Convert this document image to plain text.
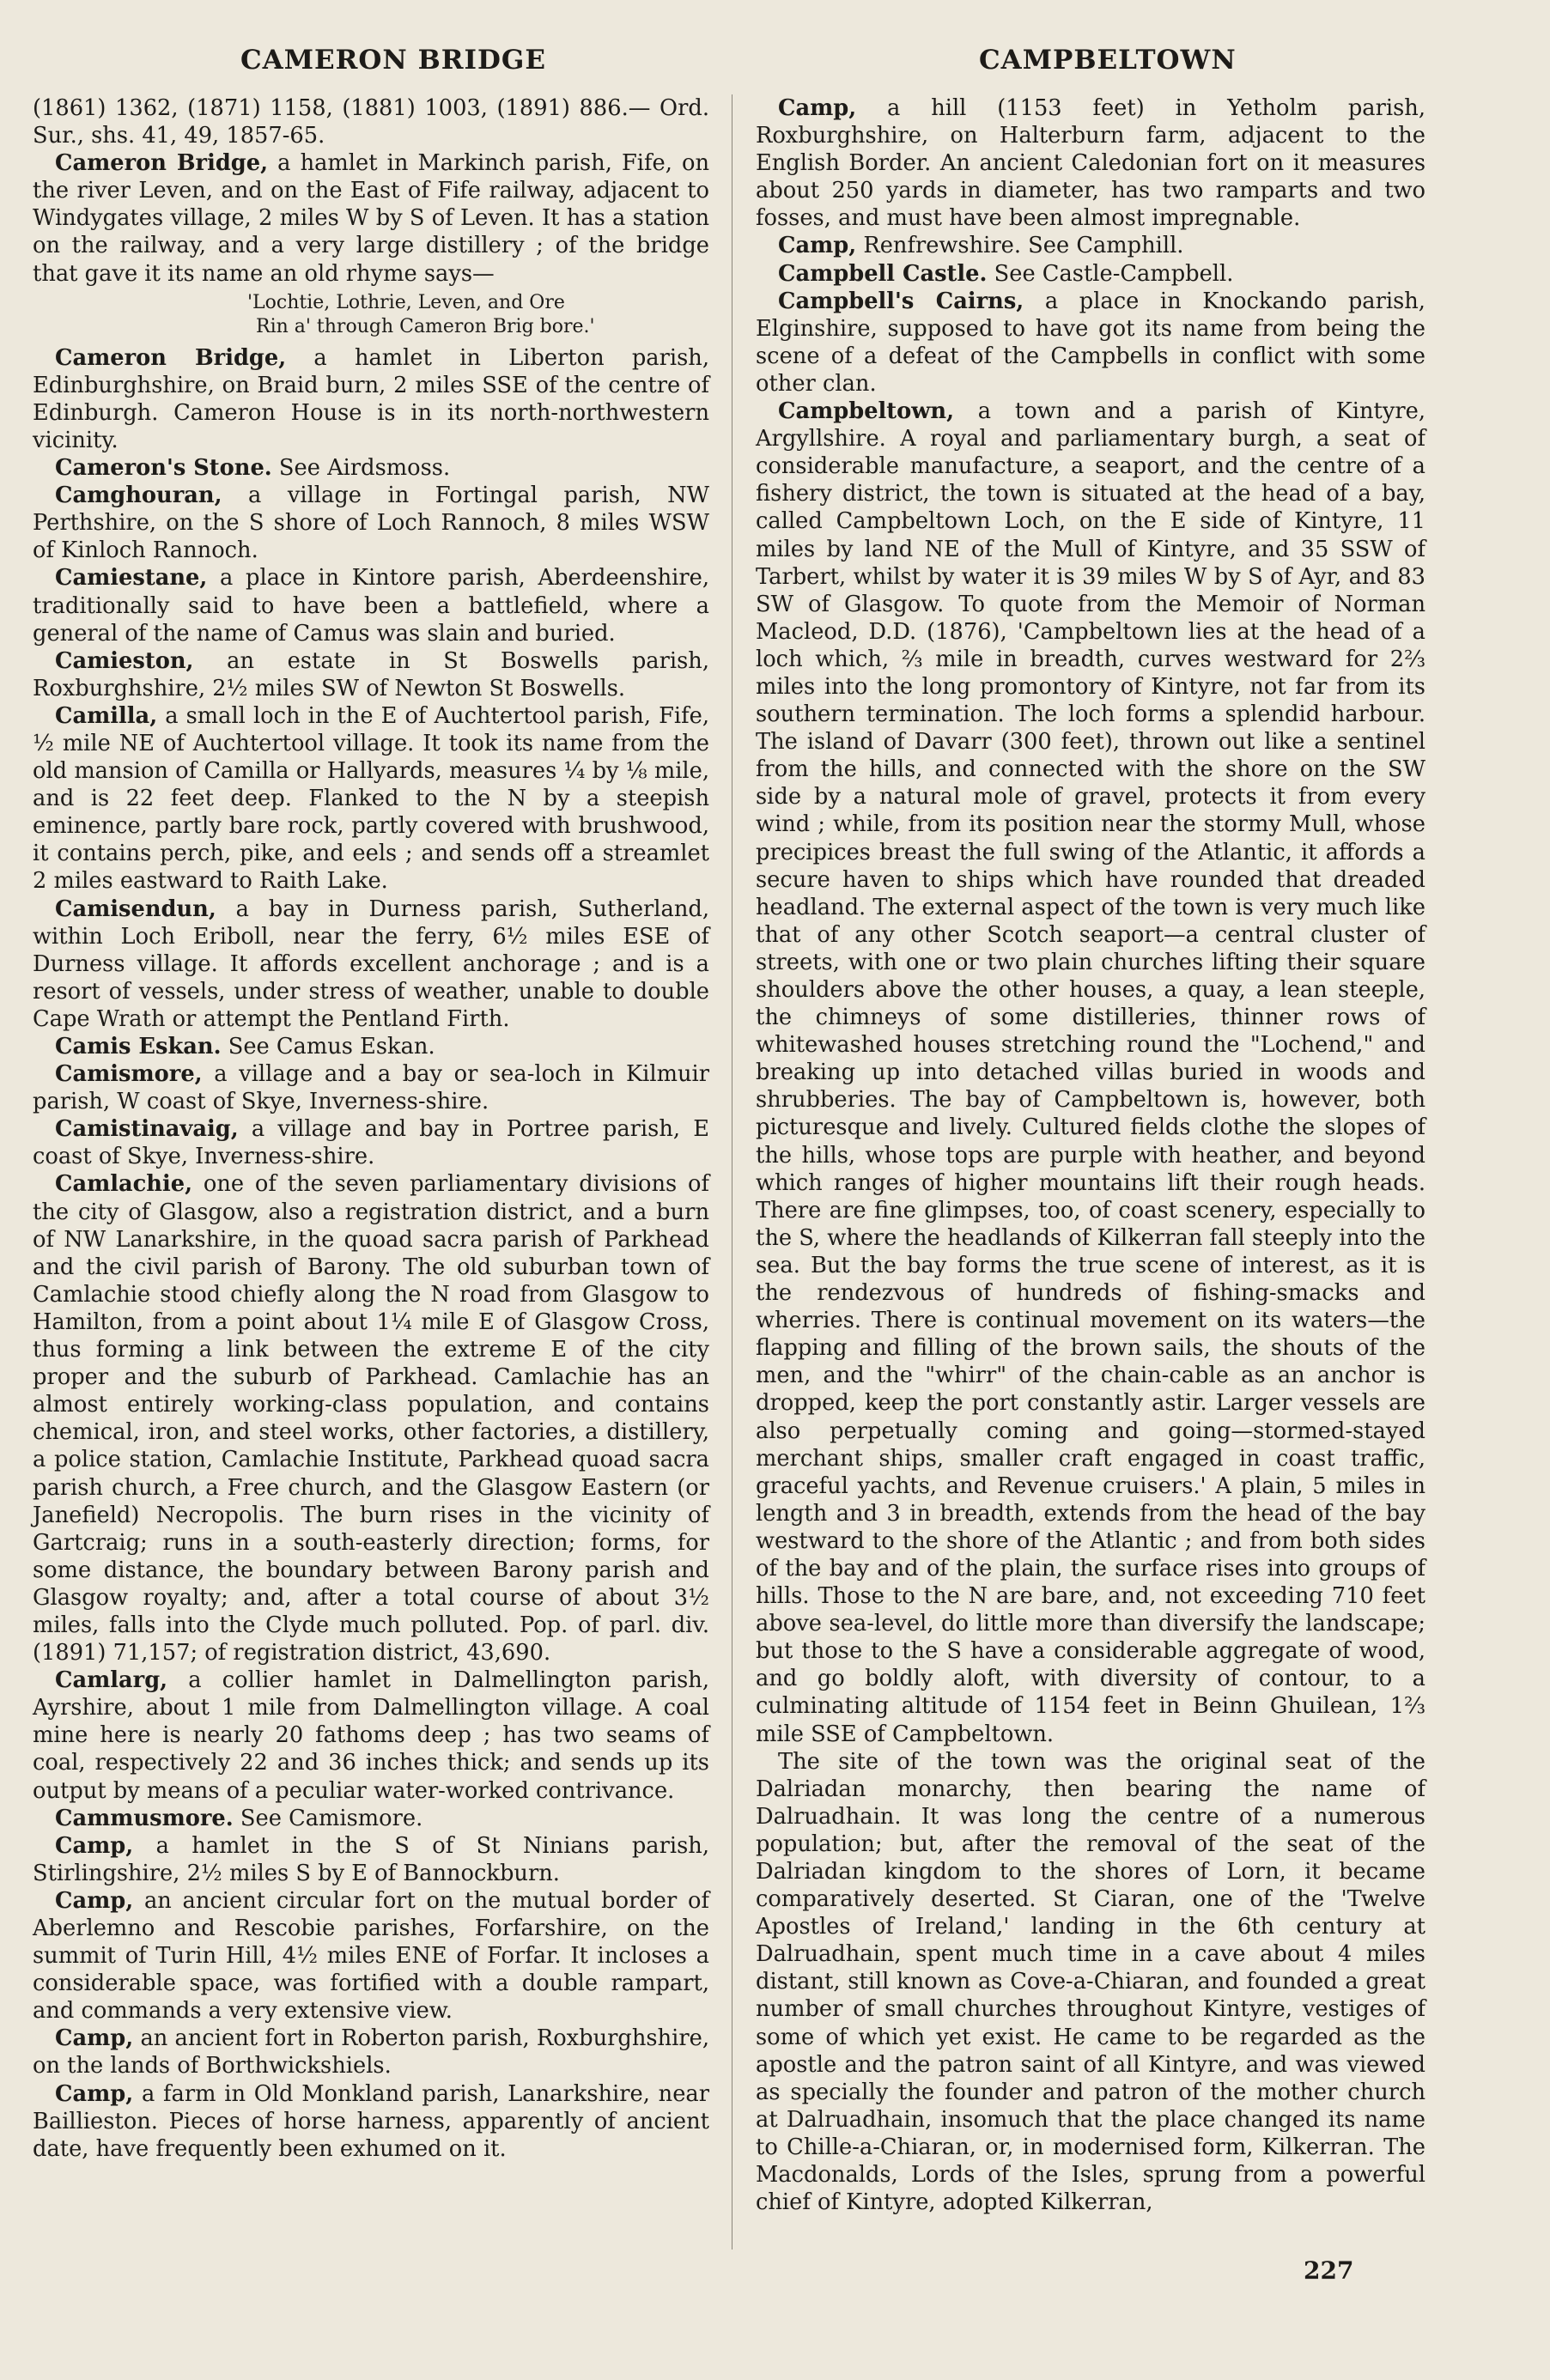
CAMERON BRIDGE	CAMPBELTOWN

(1861) 1362, (1871) 1158, (1881) 1003, (1891) 886.— Ord. Sur., shs. 41, 49, 1857-65.

Cameron Bridge, a hamlet in Markinch parish, Fife, on the river Leven, and on the East of Fife railway, adjacent to Windygates village, 2 miles W by S of Leven. It has a station on the railway, and a very large distillery ; of the bridge that gave it its name an old rhyme says—

'Lochtie, Lothrie, Leven, and Ore
Rin a' through Cameron Brig bore.'

Cameron Bridge, a hamlet in Liberton parish, Edinburghshire, on Braid burn, 2 miles SSE of the centre of Edinburgh. Cameron House is in its north-northwestern vicinity.

Cameron's Stone. See Airdsmoss.

Camghouran, a village in Fortingal parish, NW Perthshire, on the S shore of Loch Rannoch, 8 miles WSW of Kinloch Rannoch.

Camiestane, a place in Kintore parish, Aberdeenshire, traditionally said to have been a battlefield, where a general of the name of Camus was slain and buried.

Camieston, an estate in St Boswells parish, Roxburghshire, 2½ miles SW of Newton St Boswells.

Camilla, a small loch in the E of Auchtertool parish, Fife, ½ mile NE of Auchtertool village. It took its name from the old mansion of Camilla or Hallyards, measures ¼ by ⅛ mile, and is 22 feet deep. Flanked to the N by a steepish eminence, partly bare rock, partly covered with brushwood, it contains perch, pike, and eels ; and sends off a streamlet 2 miles eastward to Raith Lake.

Camisendun, a bay in Durness parish, Sutherland, within Loch Eriboll, near the ferry, 6½ miles ESE of Durness village. It affords excellent anchorage ; and is a resort of vessels, under stress of weather, unable to double Cape Wrath or attempt the Pentland Firth.

Camis Eskan. See Camus Eskan.

Camismore, a village and a bay or sea-loch in Kilmuir parish, W coast of Skye, Inverness-shire.

Camistinavaig, a village and bay in Portree parish, E coast of Skye, Inverness-shire.

Camlachie, one of the seven parliamentary divisions of the city of Glasgow, also a registration district, and a burn of NW Lanarkshire, in the quoad sacra parish of Parkhead and the civil parish of Barony. The old suburban town of Camlachie stood chiefly along the N road from Glasgow to Hamilton, from a point about 1¼ mile E of Glasgow Cross, thus forming a link between the extreme E of the city proper and the suburb of Parkhead. Camlachie has an almost entirely working-class population, and contains chemical, iron, and steel works, other factories, a distillery, a police station, Camlachie Institute, Parkhead quoad sacra parish church, a Free church, and the Glasgow Eastern (or Janefield) Necropolis. The burn rises in the vicinity of Gartcraig; runs in a south-easterly direction; forms, for some distance, the boundary between Barony parish and Glasgow royalty; and, after a total course of about 3½ miles, falls into the Clyde much polluted. Pop. of parl. div. (1891) 71,157; of registration district, 43,690.

Camlarg, a collier hamlet in Dalmellington parish, Ayrshire, about 1 mile from Dalmellington village. A coal mine here is nearly 20 fathoms deep ; has two seams of coal, respectively 22 and 36 inches thick; and sends up its output by means of a peculiar water-worked contrivance.

Cammusmore. See Camismore.

Camp, a hamlet in the S of St Ninians parish, Stirlingshire, 2½ miles S by E of Bannockburn.

Camp, an ancient circular fort on the mutual border of Aberlemno and Rescobie parishes, Forfarshire, on the summit of Turin Hill, 4½ miles ENE of Forfar. It incloses a considerable space, was fortified with a double rampart, and commands a very extensive view.

Camp, an ancient fort in Roberton parish, Roxburghshire, on the lands of Borthwickshiels.

Camp, a farm in Old Monkland parish, Lanarkshire, near Baillieston. Pieces of horse harness, apparently of ancient date, have frequently been exhumed on it.

Camp, a hill (1153 feet) in Yetholm parish, Roxburghshire, on Halterburn farm, adjacent to the English Border. An ancient Caledonian fort on it measures about 250 yards in diameter, has two ramparts and two fosses, and must have been almost impregnable.

Camp, Renfrewshire. See Camphill.

Campbell Castle. See Castle-Campbell.

Campbell's Cairns, a place in Knockando parish, Elginshire, supposed to have got its name from being the scene of a defeat of the Campbells in conflict with some other clan.

Campbeltown, a town and a parish of Kintyre, Argyllshire. A royal and parliamentary burgh, a seat of considerable manufacture, a seaport, and the centre of a fishery district, the town is situated at the head of a bay, called Campbeltown Loch, on the E side of Kintyre, 11 miles by land NE of the Mull of Kintyre, and 35 SSW of Tarbert, whilst by water it is 39 miles W by S of Ayr, and 83 SW of Glasgow. To quote from the Memoir of Norman Macleod, D.D. (1876), 'Campbeltown lies at the head of a loch which, ⅔ mile in breadth, curves westward for 2⅔ miles into the long promontory of Kintyre, not far from its southern termination. The loch forms a splendid harbour. The island of Davarr (300 feet), thrown out like a sentinel from the hills, and connected with the shore on the SW side by a natural mole of gravel, protects it from every wind ; while, from its position near the stormy Mull, whose precipices breast the full swing of the Atlantic, it affords a secure haven to ships which have rounded that dreaded headland. The external aspect of the town is very much like that of any other Scotch seaport—a central cluster of streets, with one or two plain churches lifting their square shoulders above the other houses, a quay, a lean steeple, the chimneys of some distilleries, thinner rows of whitewashed houses stretching round the "Lochend," and breaking up into detached villas buried in woods and shrubberies. The bay of Campbeltown is, however, both picturesque and lively. Cultured fields clothe the slopes of the hills, whose tops are purple with heather, and beyond which ranges of higher mountains lift their rough heads. There are fine glimpses, too, of coast scenery, especially to the S, where the headlands of Kilkerran fall steeply into the sea. But the bay forms the true scene of interest, as it is the rendezvous of hundreds of fishing-smacks and wherries. There is continual movement on its waters—the flapping and filling of the brown sails, the shouts of the men, and the "whirr" of the chain-cable as an anchor is dropped, keep the port constantly astir. Larger vessels are also perpetually coming and going—stormed-stayed merchant ships, smaller craft engaged in coast traffic, graceful yachts, and Revenue cruisers.' A plain, 5 miles in length and 3 in breadth, extends from the head of the bay westward to the shore of the Atlantic ; and from both sides of the bay and of the plain, the surface rises into groups of hills. Those to the N are bare, and, not exceeding 710 feet above sea-level, do little more than diversify the landscape; but those to the S have a considerable aggregate of wood, and go boldly aloft, with diversity of contour, to a culminating altitude of 1154 feet in Beinn Ghuilean, 1⅔ mile SSE of Campbeltown.

The site of the town was the original seat of the Dalriadan monarchy, then bearing the name of Dalruadhain. It was long the centre of a numerous population; but, after the removal of the seat of the Dalriadan kingdom to the shores of Lorn, it became comparatively deserted. St Ciaran, one of the 'Twelve Apostles of Ireland,' landing in the 6th century at Dalruadhain, spent much time in a cave about 4 miles distant, still known as Cove-a-Chiaran, and founded a great number of small churches throughout Kintyre, vestiges of some of which yet exist. He came to be regarded as the apostle and the patron saint of all Kintyre, and was viewed as specially the founder and patron of the mother church at Dalruadhain, insomuch that the place changed its name to Chille-a-Chiaran, or, in modernised form, Kilkerran. The Macdonalds, Lords of the Isles, sprung from a powerful chief of Kintyre, adopted Kilkerran,

227
